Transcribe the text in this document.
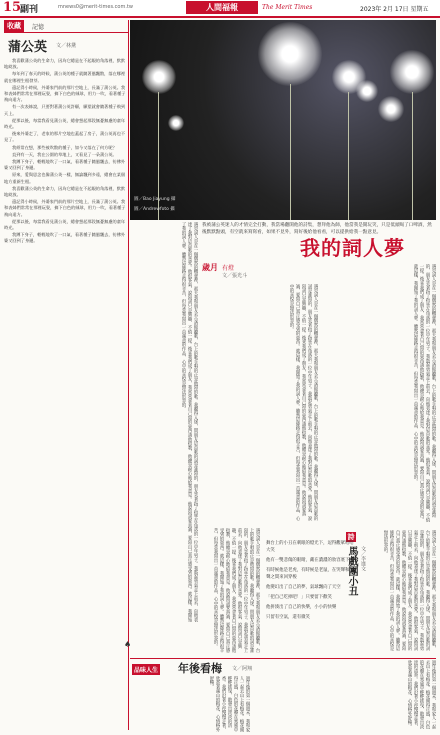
15
副刊	mnews0@merit-times.com.tw	人間福報	The Merit Times	2023年 2月 17日 星期五
收藏	記憶
蒲公英 文／林黛

我喜歡蒲公英的生命力，因為它總是在不起眼的角落裡，默默地綻放。

每年到了春天的時候，蒲公英的種子就隨著風飄散，落在哪裡就在哪裡生根發芽。

還記得小時候，外婆家門前的那片空地上，長滿了蒲公英。我和表姊們常常在那裡玩耍，摘下白色的絨球，用力一吹，看著種子飛向遠方。

有一次表姊說，只要對著蒲公英許願，願望就會隨著種子飛到天上。

從那以後，每當我看見蒲公英，總會想起那段無憂無慮的童年時光。

後來外婆走了，老家的那片空地也蓋起了房子，蒲公英再也不見了。

我經常在想，那些被吹散的種子，如今又落在了何方呢？

直到有一天，我在公園的草地上，又看見了一朵蒲公英。

我蹲下身子，輕輕地吹了一口氣，看著種子隨風飄去，彷彿外婆又回到了身邊。

原來，愛與思念也像蒲公英一樣，無論飄到多遠，總會在某個地方重新生根。

我喜歡蒲公英的生命力，因為它總是在不起眼的角落裡，默默地綻放。

還記得小時候，外婆家門前的那片空地上，長滿了蒲公英。我和表姊們常常在那裡玩耍，摘下白色的絨球，用力一吹，看著種子飛向遠方。

從那以後，每當我看見蒲公英，總會想起那段無憂無慮的童年時光。

我蹲下身子，輕輕地吹了一口氣，看著種子隨風飄去，彷彿外婆又回到了身邊。

圖／Bao Jiayung 攝
圖／Andrewfoto 攝
我被蒲公英迷人的才情完全打動，我當場翻開他的詩集，想拜他為師，他當我是開玩笑，只是低頭喝了口啤酒，然後默默點頭，有空就來寫寫看，如果不見外，寫好後給他看看，可以提供給我一點意見。
歲月 有燈
文／張光斗
我的詞人夢
遇見詞人是在一個偶然的機會裡，那天我和朋友去小酒館聽歌，台上的歌手唱的正是他寫的歌。我聽得入迷，問朋友這首歌的詞是誰寫的，朋友笑著指了指坐在角落的一位中年男子。我鼓起勇氣走上前去，向他表達了我對這首歌的喜愛。他很客氣，說寫詞只是興趣，不值一提。後來我們成了朋友，我常常拿著自己寫的東西請他指教，他總是耐心地給我意見。他說寫詞要真誠，要寫自己真正感受到的東西。就這樣，我開始了我的詞人夢。雖然這條路走得很辛苦，但每當我寫出一首滿意的作品，心中的喜悅是無法形容的。	遇見詞人是在一個偶然的機會裡，那天我和朋友去小酒館聽歌，台上的歌手唱的正是他寫的歌。我聽得入迷，問朋友這首歌的詞是誰寫的，朋友笑著指了指坐在角落的一位中年男子。我鼓起勇氣走上前去，向他表達了我對這首歌的喜愛。他很客氣，說寫詞只是興趣，不值一提。後來我們成了朋友，我常常拿著自己寫的東西請他指教，他總是耐心地給我意見。他說寫詞要真誠，要寫自己真正感受到的東西。就這樣，我開始了我的詞人夢。雖然這條路走得很辛苦，但每當我寫出一首滿意的作品，心中的喜悅是無法形容的。	遇見詞人是在一個偶然的機會裡，那天我和朋友去小酒館聽歌，台上的歌手唱的正是他寫的歌。我聽得入迷，問朋友這首歌的詞是誰寫的，朋友笑著指了指坐在角落的一位中年男子。我鼓起勇氣走上前去，向他表達了我對這首歌的喜愛。他很客氣，說寫詞只是興趣，不值一提。後來我們成了朋友，我常常拿著自己寫的東西請他指教，他總是耐心地給我意見。他說寫詞要真誠，要寫自己真正感受到的東西。就這樣，我開始了我的詞人夢。雖然這條路走得很辛苦，但每當我寫出一首滿意的作品，心中的喜悅是無法形容的。
遇見詞人是在一個偶然的機會裡，那天我和朋友去小酒館聽歌，台上的歌手唱的正是他寫的歌。我聽得入迷，問朋友這首歌的詞是誰寫的，朋友笑著指了指坐在角落的一位中年男子。我鼓起勇氣走上前去，向他表達了我對這首歌的喜愛。他很客氣，說寫詞只是興趣，不值一提。後來我們成了朋友，我常常拿著自己寫的東西請他指教，他總是耐心地給我意見。他說寫詞要真誠，要寫自己真正感受到的東西。就這樣，我開始了我的詞人夢。雖然這條路走得很辛苦，但每當我寫出一首滿意的作品，心中的喜悅是無法形容的。	遇見詞人是在一個偶然的機會裡，那天我和朋友去小酒館聽歌，台上的歌手唱的正是他寫的歌。我聽得入迷，問朋友這首歌的詞是誰寫的，朋友笑著指了指坐在角落的一位中年男子。我鼓起勇氣走上前去，向他表達了我對這首歌的喜愛。他很客氣，說寫詞只是興趣，不值一提。後來我們成了朋友，我常常拿著自己寫的東西請他指教，他總是耐心地給我意見。他說寫詞要真誠，要寫自己真正感受到的東西。就這樣，我開始了我的詞人夢。雖然這條路走得很辛苦，但每當我寫出一首滿意的作品，心中的喜悅是無法形容的。
♠
詩
馬戲團小丑 文／李進文

舞台上的小丑在刺眼的燈光下，逗得觀眾哈哈大笑

他有一雙悲傷的眼睛，藏在濃濃的妝容底下

有時候他是老虎，有時候是老鼠，在哭聲和笑聲之間來回穿梭

他變幻出了自己的夢，氣球飄向了天空

「把自己吃掉吧！」只要留下歡笑

他拼湊出了自己的快樂，小小的快樂

只留有空氣，還有微笑

品味人生 年後看梅 文／阿翔	過年後的第一個週末，我和家人一起去山上看梅花。梅花開得正盛，白色的花瓣在寒風中輕輕搖曳，散發出淡淡的清香。我們沿著小徑慢慢走著，欣賞著滿山的梅花，心情格外舒暢。
過年後的第一個週末，我和家人一起去山上看梅花。梅花開得正盛，白色的花瓣在寒風中輕輕搖曳，散發出淡淡的清香。我們沿著小徑慢慢走著，欣賞著滿山的梅花，心情格外舒暢。
